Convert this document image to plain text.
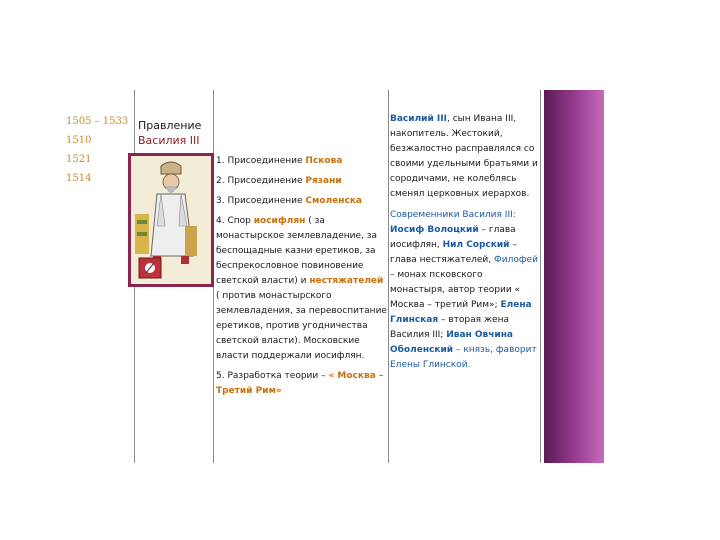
1505 – 1533
1510
1521
1514
Правление
Василия III

1. Присоединение Пскова

2. Присоединение Рязани

3. Присоединение Смоленска

4. Спор иосифлян ( за монастырское землевладение, за беспощадные казни еретиков, за беспрекословное повиновение светской власти) и нестяжателей ( против монастырского землевладения, за перевоспитание еретиков, против угодничества светской власти). Московские власти поддержали иосифлян.

5. Разработка теории – « Москва – Третий Рим»

Василий III, сын Ивана III, накопитель. Жестокий, безжалостно расправлялся со своими удельными братьями и сородичами, не колеблясь сменял церковных иерархов.

Современники Василия III: Иосиф Волоцкий – глава иосифлян, Нил Сорский – глава нестяжателей, Филофей – монах псковского монастыря, автор теории « Москва – третий Рим»; Елена Глинская – вторая жена Василия III; Иван Овчина Оболенский – князь, фаворит Елены Глинской.
